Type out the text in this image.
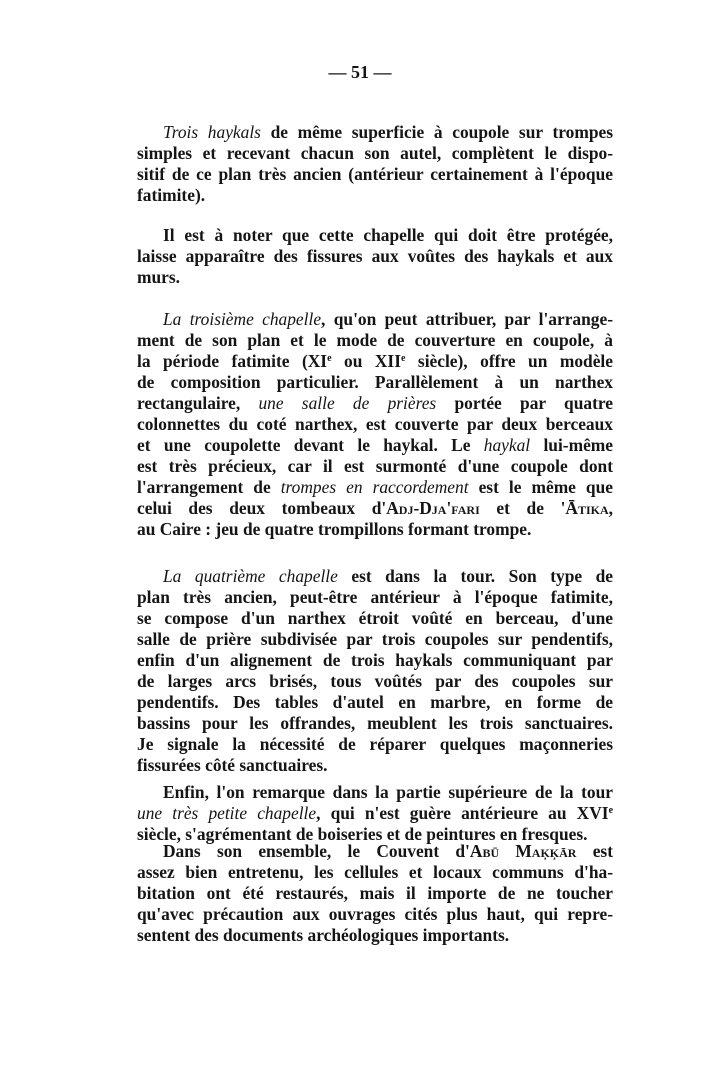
— 51 —
Trois haykals de même superficie à coupole sur trompes
simples et recevant chacun son autel, complètent le dispo-
sitif de ce plan très ancien (antérieur certainement à l'époque
fatimite).
Il est à noter que cette chapelle qui doit être protégée,
laisse apparaître des fissures aux voûtes des haykals et aux
murs.
La troisième chapelle, qu'on peut attribuer, par l'arrange-
ment de son plan et le mode de couverture en coupole, à
la période fatimite (XIe ou XIIe siècle), offre un modèle
de composition particulier. Parallèlement à un narthex
rectangulaire, une salle de prières portée par quatre
colonnettes du coté narthex, est couverte par deux berceaux
et une coupolette devant le haykal. Le haykal lui-même
est très précieux, car il est surmonté d'une coupole dont
l'arrangement de trompes en raccordement est le même que
celui des deux tombeaux d'Adj-Dja'fari et de 'Ātika,
au Caire : jeu de quatre trompillons formant trompe.
La quatrième chapelle est dans la tour. Son type de
plan très ancien, peut-être antérieur à l'époque fatimite,
se compose d'un narthex étroit voûté en berceau, d'une
salle de prière subdivisée par trois coupoles sur pendentifs,
enfin d'un alignement de trois haykals communiquant par
de larges arcs brisés, tous voûtés par des coupoles sur
pendentifs. Des tables d'autel en marbre, en forme de
bassins pour les offrandes, meublent les trois sanctuaires.
Je signale la nécessité de réparer quelques maçonneries
fissurées côté sanctuaires.
Enfin, l'on remarque dans la partie supérieure de la tour
une très petite chapelle, qui n'est guère antérieure au XVIe
siècle, s'agrémentant de boiseries et de peintures en fresques.
Dans son ensemble, le Couvent d'Abū Maķķār est
assez bien entretenu, les cellules et locaux communs d'ha-
bitation ont été restaurés, mais il importe de ne toucher
qu'avec précaution aux ouvrages cités plus haut, qui repre-
sentent des documents archéologiques importants.
